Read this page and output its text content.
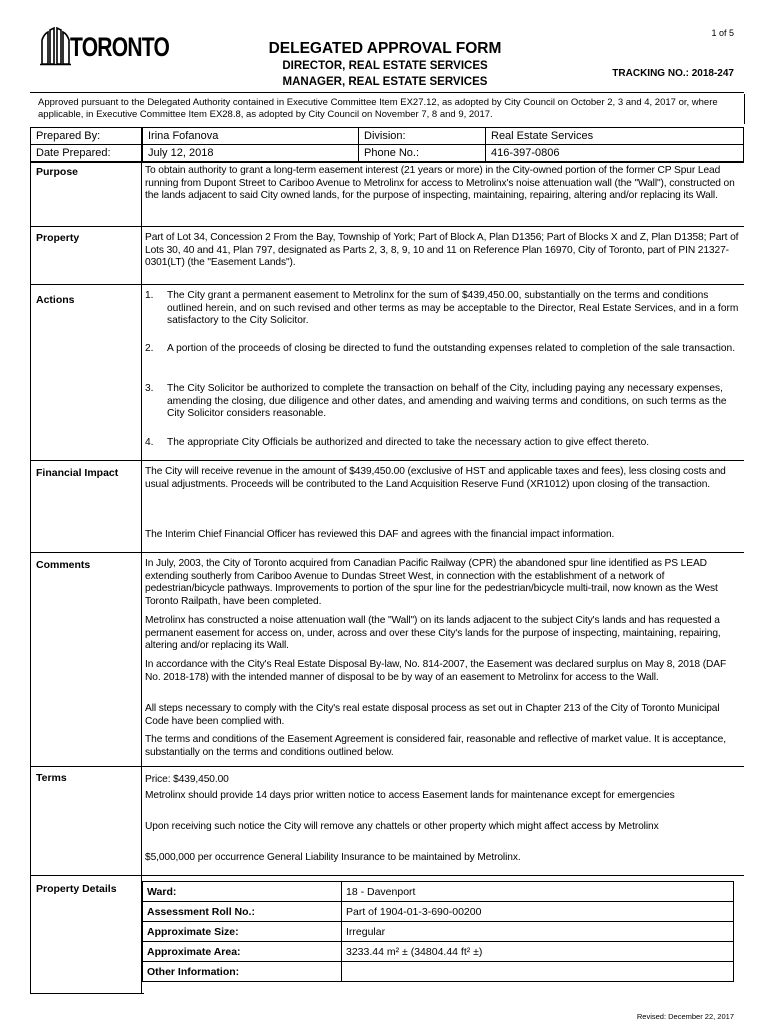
1 of 5
TORONTO	DELEGATED APPROVAL FORM
DIRECTOR, REAL ESTATE SERVICES
MANAGER, REAL ESTATE SERVICES
TRACKING NO.: 2018-247
Approved pursuant to the Delegated Authority contained in Executive Committee Item EX27.12, as adopted by City Council on October 2, 3 and 4, 2017 or, where applicable, in Executive Committee Item EX28.8, as adopted by City Council on November 7, 8 and 9, 2017.
Prepared By:	Irina Fofanova	Division:	Real Estate Services
Date Prepared:	July 12, 2018	Phone No.:	416-397-0806
Purpose	To obtain authority to grant a long-term easement interest (21 years or more) in the City-owned portion of the former CP Spur Lead running from Dupont Street to Cariboo Avenue to Metrolinx for access to Metrolinx's noise attenuation wall (the "Wall"), constructed on the lands adjacent to said City owned lands, for the purpose of inspecting, maintaining, repairing, altering and/or replacing its Wall.
Property	Part of Lot 34, Concession 2 From the Bay, Township of York; Part of Block A, Plan D1356; Part of Blocks X and Z, Plan D1358; Part of Lots 30, 40 and 41, Plan 797, designated as Parts 2, 3, 8, 9, 10 and 11 on Reference Plan 16970, City of Toronto, part of PIN 21327-0301(LT) (the "Easement Lands").
Actions	1. The City grant a permanent easement to Metrolinx for the sum of $439,450.00, substantially on the terms and conditions outlined herein, and on such revised and other terms as may be acceptable to the Director, Real Estate Services, and in a form satisfactory to the City Solicitor.
2. A portion of the proceeds of closing be directed to fund the outstanding expenses related to completion of the sale transaction.
3. The City Solicitor be authorized to complete the transaction on behalf of the City, including paying any necessary expenses, amending the closing, due diligence and other dates, and amending and waiving terms and conditions, on such terms as the City Solicitor considers reasonable.
4. The appropriate City Officials be authorized and directed to take the necessary action to give effect thereto.
Financial Impact	The City will receive revenue in the amount of $439,450.00 (exclusive of HST and applicable taxes and fees), less closing costs and usual adjustments. Proceeds will be contributed to the Land Acquisition Reserve Fund (XR1012) upon closing of the transaction.
The Interim Chief Financial Officer has reviewed this DAF and agrees with the financial impact information.
Comments	In July, 2003, the City of Toronto acquired from Canadian Pacific Railway (CPR) the abandoned spur line identified as PS LEAD extending southerly from Cariboo Avenue to Dundas Street West, in connection with the establishment of a network of pedestrian/bicycle pathways. Improvements to portion of the spur line for the pedestrian/bicycle multi-trail, now known as the West Toronto Railpath, have been completed.
Metrolinx has constructed a noise attenuation wall (the "Wall") on its lands adjacent to the subject City's lands and has requested a permanent easement for access on, under, across and over these City's lands for the purpose of inspecting, maintaining, repairing, altering and/or replacing its Wall.
In accordance with the City's Real Estate Disposal By-law, No. 814-2007, the Easement was declared surplus on May 8, 2018 (DAF No. 2018-178) with the intended manner of disposal to be by way of an easement to Metrolinx for access to the Wall.
All steps necessary to comply with the City's real estate disposal process as set out in Chapter 213 of the City of Toronto Municipal Code have been complied with.
The terms and conditions of the Easement Agreement is considered fair, reasonable and reflective of market value. It is acceptance, substantially on the terms and conditions outlined below.
Terms	Price: $439,450.00
Metrolinx should provide 14 days prior written notice to access Easement lands for maintenance except for emergencies
Upon receiving such notice the City will remove any chattels or other property which might affect access by Metrolinx
$5,000,000 per occurrence General Liability Insurance to be maintained by Metrolinx.
Property Details	Ward:	18 - Davenport
Assessment Roll No.:	Part of 1904-01-3-690-00200
Approximate Size:	Irregular
Approximate Area:	3233.44 m² ± (34804.44 ft² ±)
Other Information:	
Revised: December 22, 2017
